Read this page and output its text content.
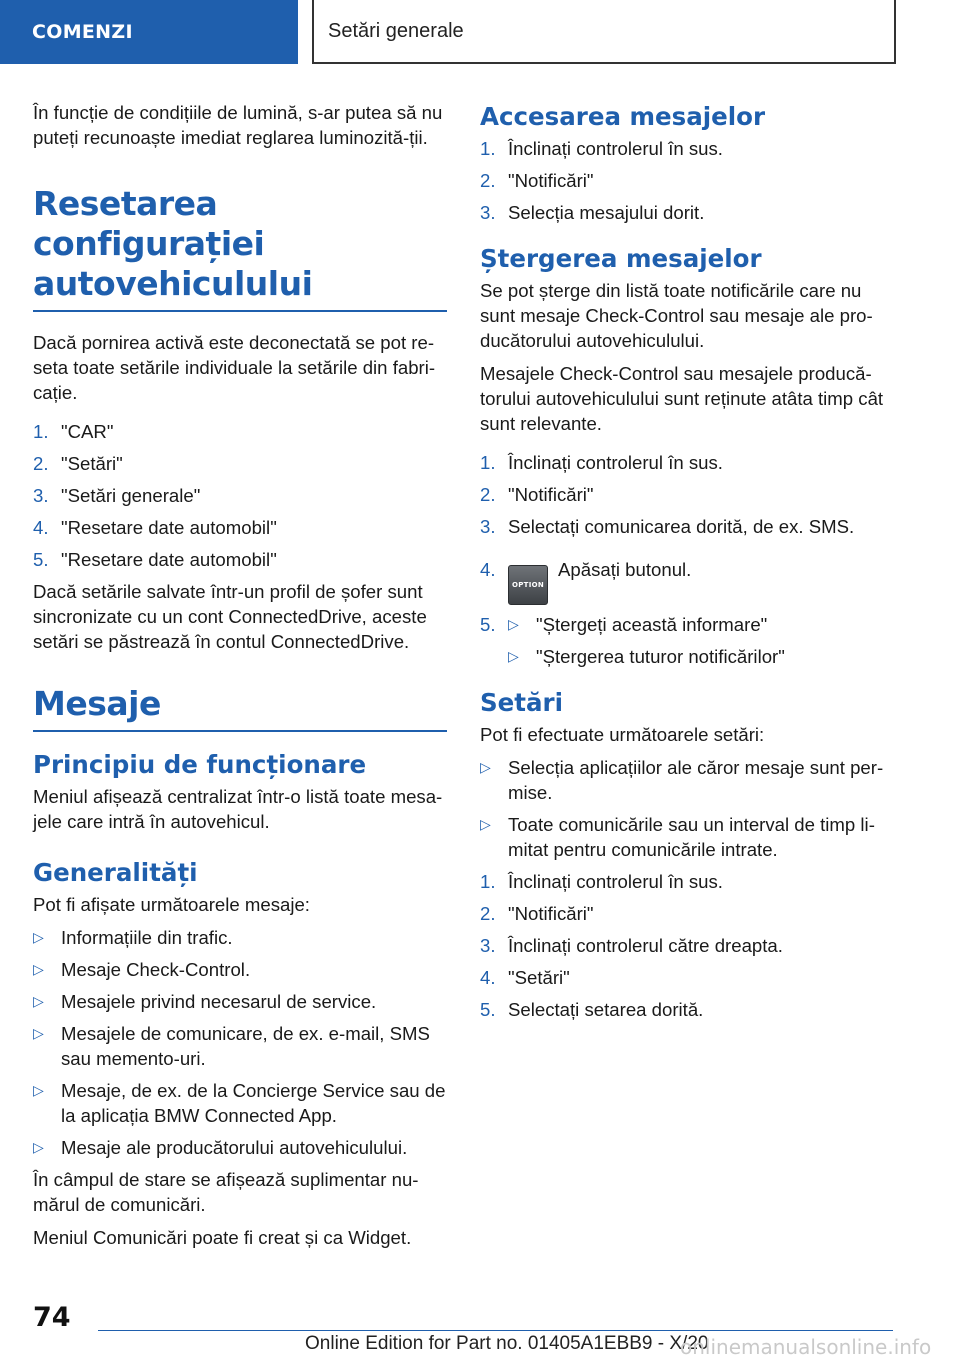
COMENZI	Setări generale

În funcție de condițiile de lumină, s-ar putea să nu puteți recunoaște imediat reglarea luminozită-ții.

Resetarea configurației autovehiculului

Dacă pornirea activă este deconectată se pot re-seta toate setările individuale la setările din fabri-cație.

1. "CAR"
2. "Setări"
3. "Setări generale"
4. "Resetare date automobil"
5. "Resetare date automobil"

Dacă setările salvate într-un profil de șofer sunt sincronizate cu un cont ConnectedDrive, aceste setări se păstrează în contul ConnectedDrive.

Mesaje
Principiu de funcționare

Meniul afișează centralizat într-o listă toate mesa-jele care intră în autovehicul.

Generalități

Pot fi afișate următoarele mesaje:

▷ Informațiile din trafic.
▷ Mesaje Check-Control.
▷ Mesajele privind necesarul de service.
▷ Mesajele de comunicare, de ex. e-mail, SMS sau memento-uri.
▷ Mesaje, de ex. de la Concierge Service sau de la aplicația BMW Connected App.
▷ Mesaje ale producătorului autovehiculului.

În câmpul de stare se afișează suplimentar nu-mărul de comunicări.

Meniul Comunicări poate fi creat și ca Widget.

Accesarea mesajelor
1. Înclinați controlerul în sus.
2. "Notificări"
3. Selecția mesajului dorit.
Ștergerea mesajelor

Se pot șterge din listă toate notificările care nu sunt mesaje Check-Control sau mesaje ale pro-ducătorului autovehiculului.

Mesajele Check-Control sau mesajele producă-torului autovehiculului sunt reținute atâta timp cât sunt relevante.

1. Înclinați controlerul în sus.
2. "Notificări"
3. Selectați comunicarea dorită, de ex. SMS.
4.
OPTIONApăsați butonul.
5. ▷ "Ștergeți această informare"
▷ "Ștergerea tuturor notificărilor"
Setări

Pot fi efectuate următoarele setări:

▷ Selecția aplicațiilor ale căror mesaje sunt per-mise.
▷ Toate comunicările sau un interval de timp li-mitat pentru comunicările intrate.
1. Înclinați controlerul în sus.
2. "Notificări"
3. Înclinați controlerul către dreapta.
4. "Setări"
5. Selectați setarea dorită.
74
Online Edition for Part no. 01405A1EBB9 - X/20
onlinemanualsonline.info
